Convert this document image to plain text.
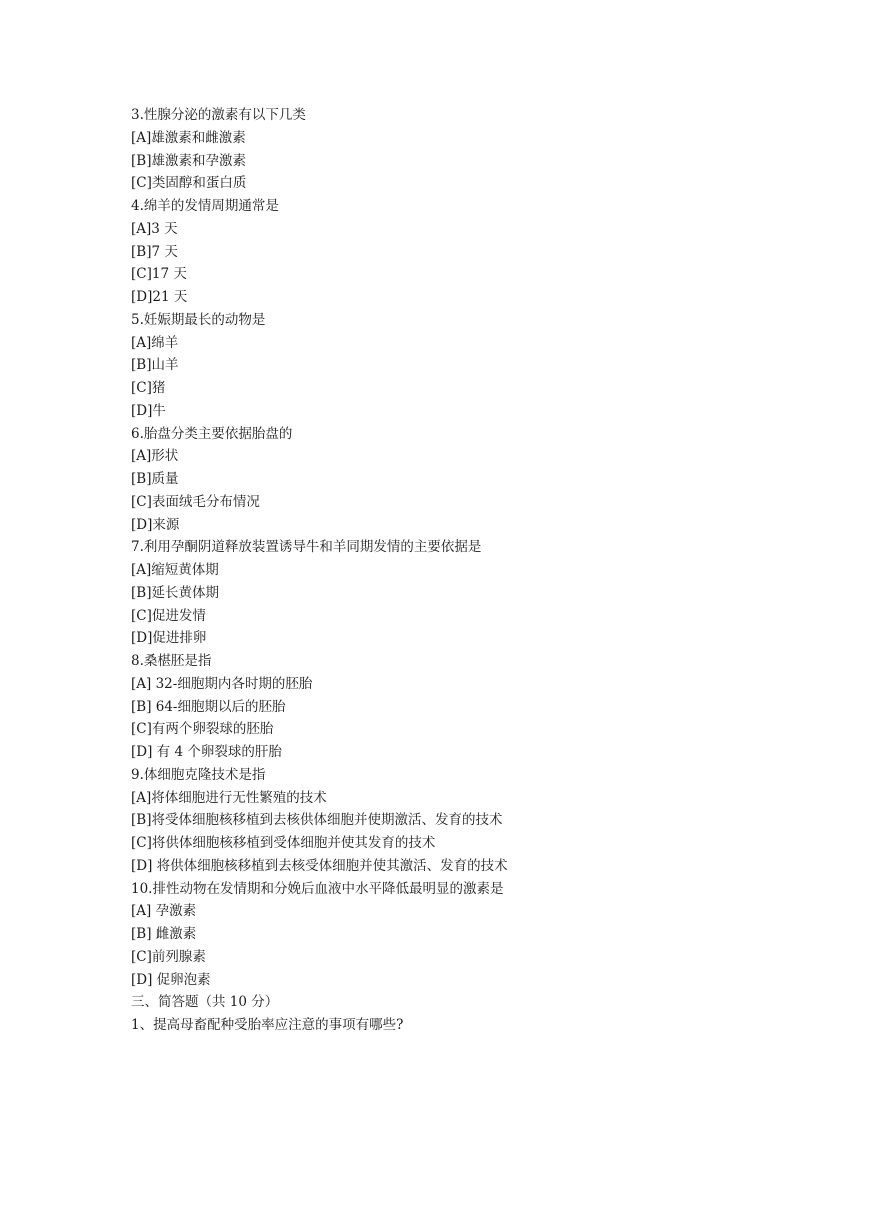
3.性腺分泌的激素有以下几类
[A]雄激素和雌激素
[B]雄激素和孕激素
[C]类固醇和蛋白质
4.绵羊的发情周期通常是
[A]3 天
[B]7 天
[C]17 天
[D]21 天
5.妊娠期最长的动物是
[A]绵羊
[B]山羊
[C]猪
[D]牛
6.胎盘分类主要依据胎盘的
[A]形状
[B]质量
[C]表面绒毛分布情况
[D]来源
7.利用孕酮阴道释放装置诱导牛和羊同期发情的主要依据是
[A]缩短黄体期
[B]延长黄体期
[C]促进发情
[D]促进排卵
8.桑椹胚是指
[A] 32-细胞期内各时期的胚胎
[B] 64-细胞期以后的胚胎
[C]有两个卵裂球的胚胎
[D] 有 4 个卵裂球的肝胎
9.体细胞克隆技术是指
[A]将体细胞进行无性繁殖的技术
[B]将受体细胞核移植到去核供体细胞并使期激活、发育的技术
[C]将供体细胞核移植到受体细胞并使其发育的技术
[D] 将供体细胞核移植到去核受体细胞并使其激活、发育的技术
10.排性动物在发情期和分娩后血液中水平降低最明显的激素是
[A] 孕激素
[B] 雌激素
[C]前列腺素
[D] 促卵泡素
三、简答题（共 10 分）
1、提高母畜配种受胎率应注意的事项有哪些?
